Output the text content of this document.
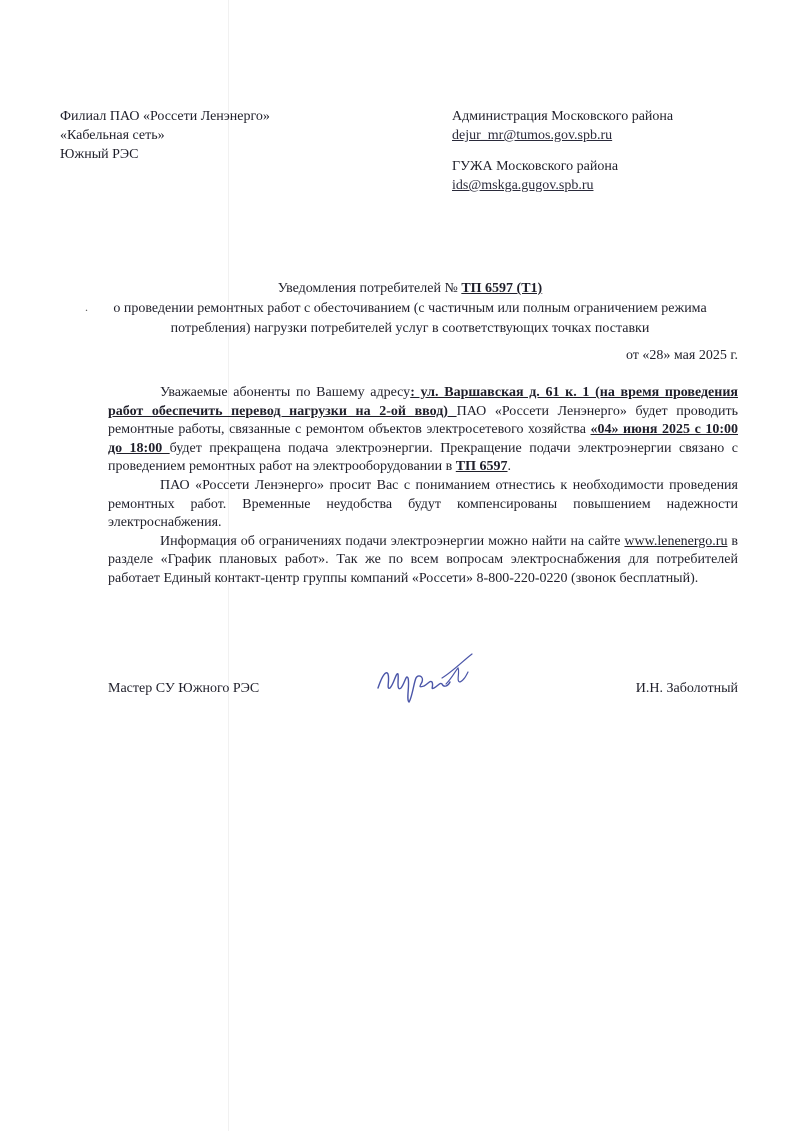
Филиал ПАО «Россети Ленэнерго»
«Кабельная сеть»
Южный РЭС
Администрация Московского района
dejur_mr@tumos.gov.spb.ru
ГУЖА Московского района
ids@mskga.gugov.spb.ru
Уведомления потребителей № ТП 6597 (Т1)
о проведении ремонтных работ с обесточиванием (с частичным или полным ограничением режима потребления) нагрузки потребителей услуг в соответствующих точках поставки
.
от «28» мая 2025 г.

Уважаемые абоненты по Вашему адресу: ул. Варшавская д. 61 к. 1 (на время проведения работ обеспечить перевод нагрузки на 2-ой ввод) ПАО «Россети Ленэнерго» будет проводить ремонтные работы, связанные с ремонтом объектов электросетевого хозяйства «04» июня 2025 с 10:00 до 18:00 будет прекращена подача электроэнергии. Прекращение подачи электроэнергии связано с проведением ремонтных работ на электрооборудовании в ТП 6597.

ПАО «Россети Ленэнерго» просит Вас с пониманием отнестись к необходимости проведения ремонтных работ. Временные неудобства будут компенсированы повышением надежности электроснабжения.

Информация об ограничениях подачи электроэнергии можно найти на сайте www.lenenergo.ru в разделе «График плановых работ». Так же по всем вопросам электроснабжения для потребителей работает Единый контакт-центр группы компаний «Россети» 8-800-220-0220 (звонок бесплатный).

Мастер СУ Южного РЭС	И.Н. Заболотный
